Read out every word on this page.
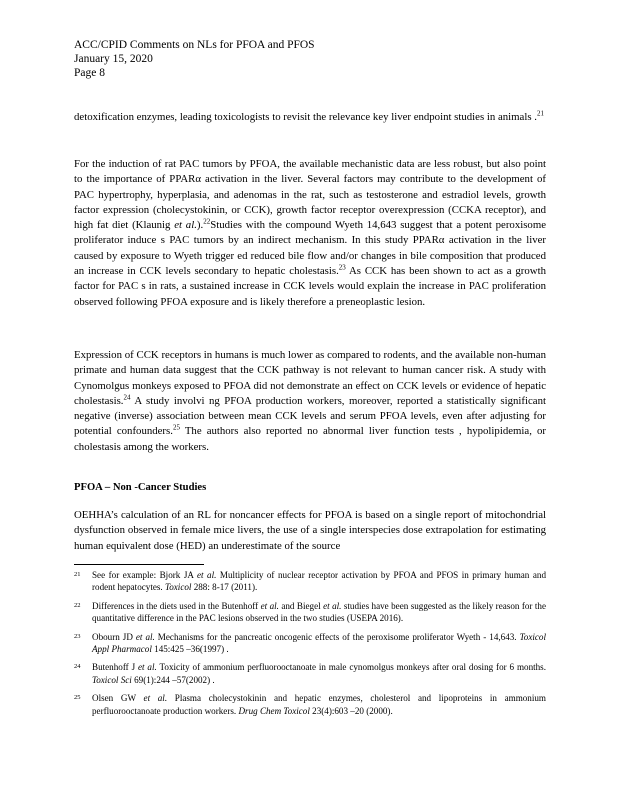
ACC/CPID Comments on NLs for PFOA and PFOS
January 15, 2020
Page 8
detoxification enzymes, leading toxicologists to revisit the relevance key liver endpoint studies in animals .$^{21}$
For the induction of rat PAC tumors by PFOA, the available mechanistic data are less robust, but also point to the importance of PPARα activation in the liver. Several factors may contribute to the development of PAC hypertrophy, hyperplasia, and adenomas in the rat, such as testosterone and estradiol levels, growth factor expression (cholecystokinin, or CCK), growth factor receptor overexpression (CCKA receptor), and high fat diet (Klaunig et al.).$^{22}$Studies with the compound Wyeth 14,643 suggest that a potent peroxisome proliferator induce s PAC tumors by an indirect mechanism. In this study PPARα activation in the liver caused by exposure to Wyeth trigger ed reduced bile flow and/or changes in bile composition that produced an increase in CCK levels secondary to hepatic cholestasis.$^{23}$ As CCK has been shown to act as a growth factor for PAC s in rats, a sustained increase in CCK levels would explain the increase in PAC proliferation observed following PFOA exposure and is likely therefore a preneoplastic lesion.
Expression of CCK receptors in humans is much lower as compared to rodents, and the available non-human primate and human data suggest that the CCK pathway is not relevant to human cancer risk. A study with Cynomolgus monkeys exposed to PFOA did not demonstrate an effect on CCK levels or evidence of hepatic cholestasis.$^{24}$ A study involvi ng PFOA production workers, moreover, reported a statistically significant negative (inverse) association between mean CCK levels and serum PFOA levels, even after adjusting for potential confounders.$^{25}$ The authors also reported no abnormal liver function tests , hypolipidemia, or cholestasis among the workers.
PFOA – Non -Cancer Studies
OEHHA’s calculation of an RL for noncancer effects for PFOA is based on a single report of mitochondrial dysfunction observed in female mice livers, the use of a single interspecies dose extrapolation for estimating human equivalent dose (HED) an underestimate of the source
21 See for example: Bjork JA et al. Multiplicity of nuclear receptor activation by PFOA and PFOS in primary human and rodent hepatocytes. Toxicol 288: 8-17 (2011).
22 Differences in the diets used in the Butenhoff et al. and Biegel et al. studies have been suggested as the likely reason for the quantitative difference in the PAC lesions observed in the two studies (USEPA 2016).
23 Obourn JD et al. Mechanisms for the pancreatic oncogenic effects of the peroxisome proliferator Wyeth - 14,643. Toxicol Appl Pharmacol 145:425 –36(1997) .
24 Butenhoff J et al. Toxicity of ammonium perfluorooctanoate in male cynomolgus monkeys after oral dosing for 6 months. Toxicol Sci 69(1):244 –57(2002) .
25 Olsen GW et al. Plasma cholecystokinin and hepatic enzymes, cholesterol and lipoproteins in ammonium perfluorooctanoate production workers. Drug Chem Toxicol 23(4):603 –20 (2000).
